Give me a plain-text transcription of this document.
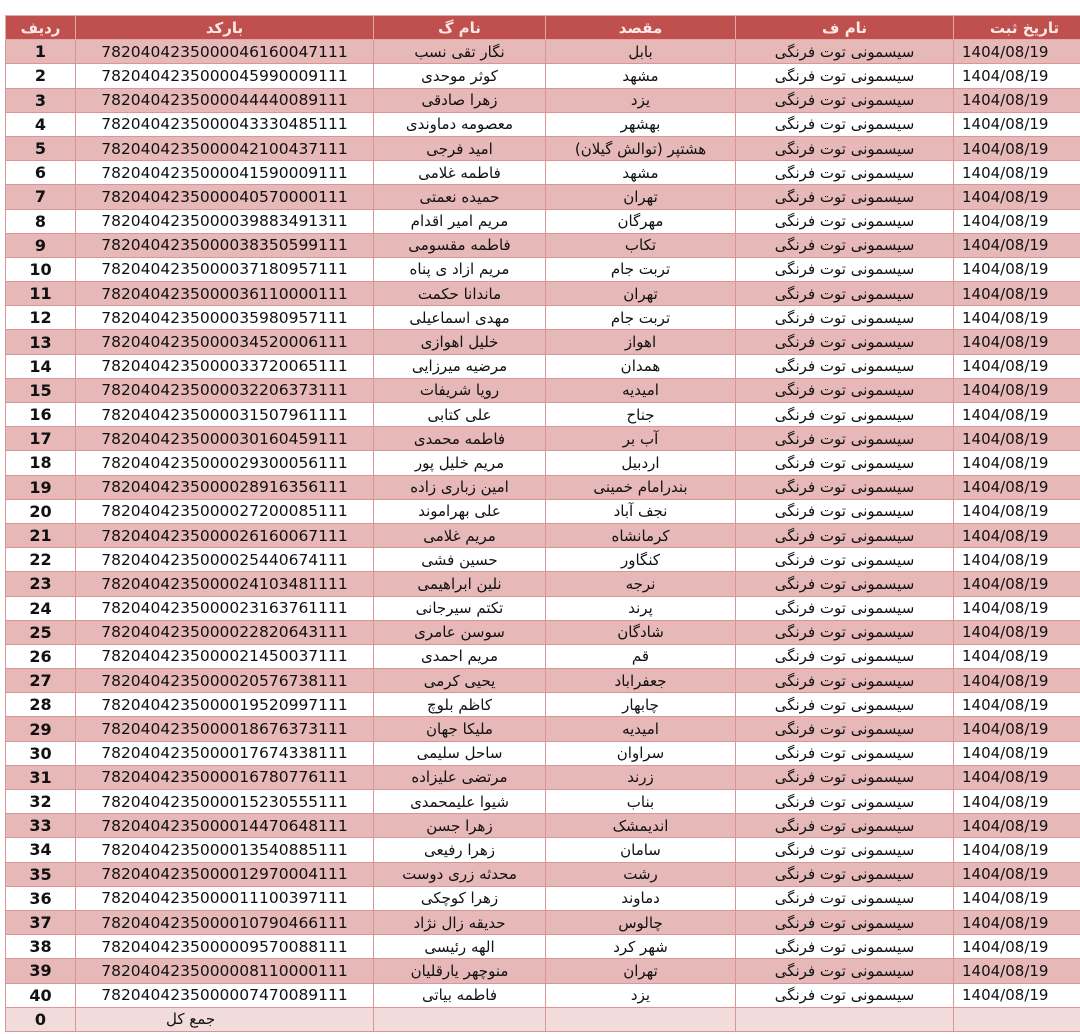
ردیف	بارکد	نام گ	مقصد	نام ف	تاریخ ثبت
1	7820404235000046160047111	نگار تقی نسب	بابل	سیسمونی توت فرنگی	1404/08/19
2	7820404235000045990009111	کوثر موحدی	مشهد	سیسمونی توت فرنگی	1404/08/19
3	7820404235000044440089111	زهرا صادقی	یزد	سیسمونی توت فرنگی	1404/08/19
4	7820404235000043330485111	معصومه دماوندی	بهشهر	سیسمونی توت فرنگی	1404/08/19
5	7820404235000042100437111	امید فرجی	هشتپر (توالش گیلان)	سیسمونی توت فرنگی	1404/08/19
6	7820404235000041590009111	فاطمه غلامی	مشهد	سیسمونی توت فرنگی	1404/08/19
7	7820404235000040570000111	حمیده نعمتی	تهران	سیسمونی توت فرنگی	1404/08/19
8	7820404235000039883491311	مریم امیر اقدام	مهرگان	سیسمونی توت فرنگی	1404/08/19
9	7820404235000038350599111	فاطمه مقسومی	تکاب	سیسمونی توت فرنگی	1404/08/19
10	7820404235000037180957111	مریم ازاد ی پناه	تربت جام	سیسمونی توت فرنگی	1404/08/19
11	7820404235000036110000111	ماندانا حکمت	تهران	سیسمونی توت فرنگی	1404/08/19
12	7820404235000035980957111	مهدی اسماعیلی	تربت جام	سیسمونی توت فرنگی	1404/08/19
13	7820404235000034520006111	خلیل اهوازی	اهواز	سیسمونی توت فرنگی	1404/08/19
14	7820404235000033720065111	مرضیه میرزایی	همدان	سیسمونی توت فرنگی	1404/08/19
15	7820404235000032206373111	رویا شریفات	امیدیه	سیسمونی توت فرنگی	1404/08/19
16	7820404235000031507961111	علی کتابی	جناح	سیسمونی توت فرنگی	1404/08/19
17	7820404235000030160459111	فاطمه محمدی	آب بر	سیسمونی توت فرنگی	1404/08/19
18	7820404235000029300056111	مریم خلیل پور	اردبیل	سیسمونی توت فرنگی	1404/08/19
19	7820404235000028916356111	امین زباری زاده	بندرامام خمینی	سیسمونی توت فرنگی	1404/08/19
20	7820404235000027200085111	علی بهراموند	نجف آباد	سیسمونی توت فرنگی	1404/08/19
21	7820404235000026160067111	مریم غلامی	کرمانشاه	سیسمونی توت فرنگی	1404/08/19
22	7820404235000025440674111	حسین فشی	کنگاور	سیسمونی توت فرنگی	1404/08/19
23	7820404235000024103481111	نلین ابراهیمی	نرجه	سیسمونی توت فرنگی	1404/08/19
24	7820404235000023163761111	تکتم سیرجانی	پرند	سیسمونی توت فرنگی	1404/08/19
25	7820404235000022820643111	سوسن عامری	شادگان	سیسمونی توت فرنگی	1404/08/19
26	7820404235000021450037111	مریم احمدی	قم	سیسمونی توت فرنگی	1404/08/19
27	7820404235000020576738111	یحیی کرمی	جعفراباد	سیسمونی توت فرنگی	1404/08/19
28	7820404235000019520997111	کاظم بلوچ	چابهار	سیسمونی توت فرنگی	1404/08/19
29	7820404235000018676373111	ملیکا جهان	امیدیه	سیسمونی توت فرنگی	1404/08/19
30	7820404235000017674338111	ساحل سلیمی	سراوان	سیسمونی توت فرنگی	1404/08/19
31	7820404235000016780776111	مرتضی علیزاده	زرند	سیسمونی توت فرنگی	1404/08/19
32	7820404235000015230555111	شیوا علیمحمدی	بناب	سیسمونی توت فرنگی	1404/08/19
33	7820404235000014470648111	زهرا جسن	اندیمشک	سیسمونی توت فرنگی	1404/08/19
34	7820404235000013540885111	زهرا رفیعی	سامان	سیسمونی توت فرنگی	1404/08/19
35	7820404235000012970004111	محدثه زری دوست	رشت	سیسمونی توت فرنگی	1404/08/19
36	7820404235000011100397111	زهرا کوچکی	دماوند	سیسمونی توت فرنگی	1404/08/19
37	7820404235000010790466111	حدیقه زال نژاد	چالوس	سیسمونی توت فرنگی	1404/08/19
38	7820404235000009570088111	الهه رئیسی	شهر کرد	سیسمونی توت فرنگی	1404/08/19
39	7820404235000008110000111	منوچهر یارقلیان	تهران	سیسمونی توت فرنگی	1404/08/19
40	7820404235000007470089111	فاطمه بیاتی	یزد	سیسمونی توت فرنگی	1404/08/19
0	جمع کل				
